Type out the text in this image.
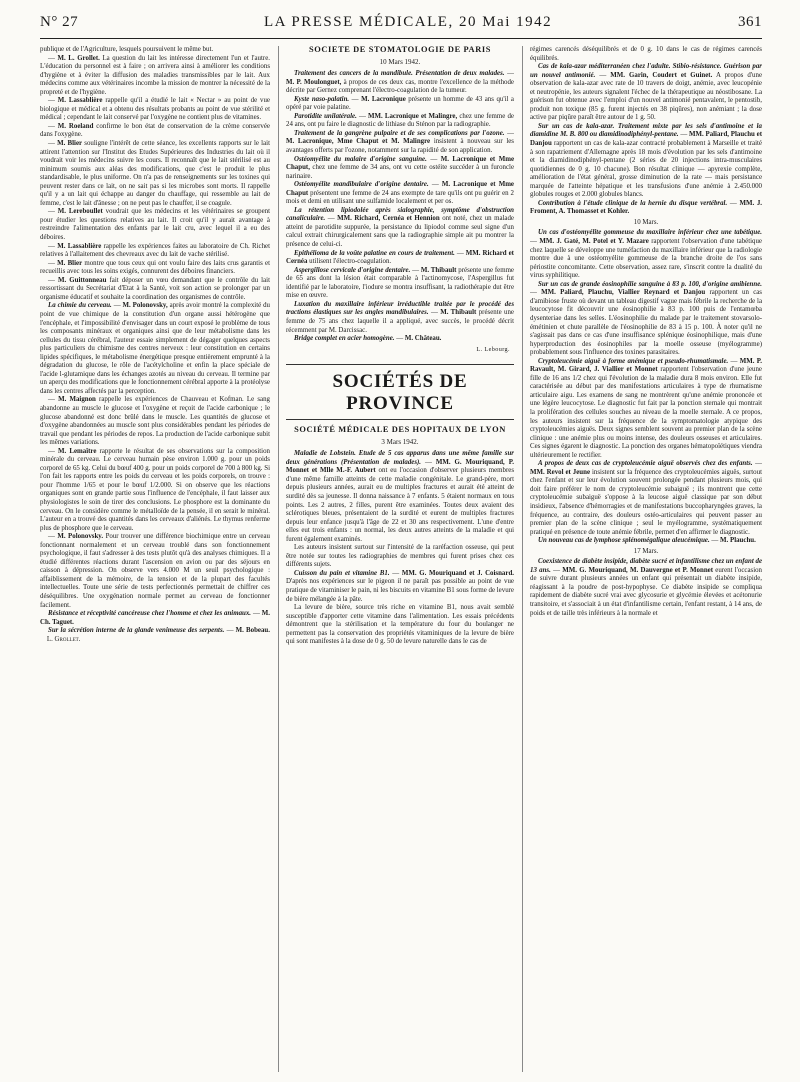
N° 27	LA PRESSE MÉDICALE, 20 Mai 1942	361

publique et de l'Agriculture, lesquels poursuivent le même but.

— M. L. Grollet. La question du lait les intéresse directement l'un et l'autre. L'éducation du personnel est à faire ; on arrivera ainsi à améliorer les conditions d'hygiène et à éviter la diffusion des maladies transmissibles par le lait. Aux médecins comme aux vétérinaires incombe la mission de montrer la nécessité de la propreté et de l'hygiène.

— M. Lassablière rappelle qu'il a étudié le lait « Nectar » au point de vue biologique et médical et a obtenu des résultats probants au point de vue stérilité et médical ; cependant le lait conservé par l'oxygène ne contient plus de vitamines.

— M. Roeland confirme le bon état de conservation de la crème conservée dans l'oxygène.

— M. Blier souligne l'intérêt de cette séance, les excellents rapports sur le lait attirent l'attention sur l'Institut des Etudes Supérieures des Industries du lait où il voudrait voir les médecins suivre les cours. Il reconnaît que le lait stérilisé est au minimum soumis aux aléas des modifications, que c'est le produit le plus standardisable, le plus uniforme. On n'a pas de renseignements sur les toxines qui peuvent rester dans ce lait, on ne sait pas si les microbes sont morts. Il rappelle qu'il y a un lait qui échappe au danger du chauffage, qui ressemble au lait de femme, c'est le lait d'ânesse ; on ne peut pas le chauffer, il se coagule.

— M. Lereboullet voudrait que les médecins et les vétérinaires se groupent pour étudier les questions relatives au lait. Il croit qu'il y aurait avantage à restreindre l'alimentation des enfants par le lait cru, avec lequel il a eu des déboires.

— M. Lassablière rappelle les expériences faites au laboratoire de Ch. Richet relatives à l'allaitement des chevreaux avec du lait de vache stérilisé.

— M. Blier montre que tous ceux qui ont voulu faire des laits crus garantis et recueillis avec tous les soins exigés, connurent des déboires financiers.

— M. Guittonneau fait déposer un vœu demandant que le contrôle du lait ressortissant du Secrétariat d'Etat à la Santé, voit son action se prolonger par un organisme éducatif et souhaite la coordination des organismes de contrôle.

La chimie du cerveau. — M. Polonovsky, après avoir montré la complexité du point de vue chimique de la constitution d'un organe aussi hétérogène que l'encéphale, et l'impossibilité d'envisager dans un court exposé le problème de tous les composants minéraux et organiques ainsi que de leur métabolisme dans les cellules du tissu cérébral, l'auteur essaie simplement de dégager quelques aspects plus particuliers du chimisme des centres nerveux : leur constitution en certains lipides spécifiques, le métabolisme énergétique presque entièrement emprunté à la dégradation du glucose, le rôle de l'acétylcholine et enfin la place spéciale de l'acide l-glutamique dans les échanges azotés au niveau du cerveau. Il termine par un aperçu des modifications que le fonctionnement cérébral apporte à la protéolyse dans les centres affectés par la perception.

— M. Maignon rappelle les expériences de Chauveau et Kofman. Le sang abandonne au muscle le glucose et l'oxygène et reçoit de l'acide carbonique ; le glucose abandonné est donc brûlé dans le muscle. Les quantités de glucose et d'oxygène abandonnées au muscle sont plus considérables pendant les périodes de travail que pendant les périodes de repos. La production de l'acide carbonique subit les mêmes variations.

— M. Lemaître rapporte le résultat de ses observations sur la composition minérale du cerveau. Le cerveau humain pèse environ 1.000 g. pour un poids corporel de 65 kg. Celui du bœuf 400 g. pour un poids corporel de 700 à 800 kg. Si l'on fait les rapports entre les poids du cerveau et les poids corporels, on trouve : pour l'homme 1/65 et pour le bœuf 1/2.000. Si on observe que les réactions organiques sont en grande partie sous l'influence de l'encéphale, il faut laisser aux physiologistes le soin de tirer des conclusions. Le phosphore est la dominante du cerveau. On le considère comme le métalloïde de la pensée, il en serait le minéral. L'auteur en a trouvé des quantités dans les cerveaux d'aliénés. Le thymus renferme plus de phosphore que le cerveau.

— M. Polonovsky. Pour trouver une différence biochimique entre un cerveau fonctionnant normalement et un cerveau troublé dans son fonctionnement psychologique, il faut s'adresser à des tests plutôt qu'à des analyses chimiques. Il a étudié différentes réactions durant l'ascension en avion ou par des séjours en caisson à dépression. On observe vers 4.000 M un seuil psychologique : affaiblissement de la mémoire, de la tension et de la plupart des facultés intellectuelles. Toute une série de tests perfectionnés permettait de chiffrer ces déséquilibres. Une oxygénation normale permet au cerveau de fonctionner facilement.

Résistance et réceptivité cancéreuse chez l'homme et chez les animaux. — M. Ch. Taguet.

Sur la sécrétion interne de la glande venimeuse des serpents. — M. Bobeau.     L. Grollet.

SOCIÉTÉ DE STOMATOLOGIE DE PARIS
10 Mars 1942.

Traitement des cancers de la mandibule. Présentation de deux malades. — M. P. Moulonguet, à propos de ces deux cas, montre l'excellence de la méthode décrite par Gernez comprenant l'électro-coagulation de la tumeur.

Kyste naso-palatin. — M. Lacronique présente un homme de 43 ans qu'il a opéré par voie palatine.

Parotidite unilatérale. — MM. Lacronique et Malingre, chez une femme de 24 ans, ont pu faire le diagnostic de lithiase du Sténon par la radiographie.

Traitement de la gangrène pulpaire et de ses complications par l'ozone. — M. Lacronique, Mme Chaput et M. Malingre insistent à nouveau sur les avantages offerts par l'ozone, notamment sur la rapidité de son application.

Ostéomyélite du malaire d'origine sanguine. — M. Lacronique et Mme Chaput, chez une femme de 34 ans, ont vu cette ostéite succéder à un furoncle narinaire.

Ostéomyélite mandibulaire d'origine dentaire. — M. Lacronique et Mme Chaput présentent une femme de 24 ans exempte de tare qu'ils ont pu guérir en 2 mois et demi en utilisant une sulfamide localement et per os.

La rétention lipiodolée après sialographie, symptôme d'obstruction canaliculaire. — MM. Richard, Cernéa et Hennion ont noté, chez un malade atteint de parotidite suppurée, la persistance du lipiodol comme seul signe d'un calcul extrait chirurgicalement sans que la radiographie simple ait pu montrer la présence de celui-ci.

Epithélioma de la voûte palatine en cours de traitement. — MM. Richard et Cernéa utilisent l'électro-coagulation.

Aspergillose cervicale d'origine dentaire. — M. Thibault présente une femme de 65 ans dont la lésion était comparable à l'actinomycose, l'Aspergillus fut identifié par le laboratoire, l'iodure se montra insuffisant, la radiothérapie dut être mise en œuvre.

Luxation du maxillaire inférieur irréductible traitée par le procédé des tractions élastiques sur les angles mandibulaires. — M. Thibault présente une femme de 75 ans chez laquelle il a appliqué, avec succès, le procédé décrit récemment par M. Darcissac.

Bridge complet en acier homogène. — M. Château.

L. Lebourg.
SOCIÉTÉS DE PROVINCE
SOCIÉTÉ MÉDICALE DES HOPITAUX DE LYON
3 Mars 1942.

Maladie de Lobstein. Etude de 5 cas apparus dans une même famille sur deux générations (Présentation de malades). — MM. G. Mouriquand, P. Monnet et Mlle M.-F. Aubert ont eu l'occasion d'observer plusieurs membres d'une même famille atteints de cette maladie congénitale. Le grand-père, mort depuis plusieurs années, aurait eu de multiples fractures et aurait été atteint de surdité dès sa jeunesse. Il donna naissance à 7 enfants. 5 étaient normaux en tous points. Les 2 autres, 2 filles, purent être examinées. Toutes deux avaient des sclérotiques bleues, présentaient de la surdité et eurent de multiples fractures depuis leur enfance jusqu'à l'âge de 22 et 30 ans respectivement. L'une d'entre elles eut trois enfants : un normal, les deux autres atteints de la maladie et qui furent également examinés.

Les auteurs insistent surtout sur l'intensité de la raréfaction osseuse, qui peut être notée sur toutes les radiographies de membres qui furent prises chez ces différents sujets.

Cuisson du pain et vitamine B1. — MM. G. Mouriquand et J. Coisnard. D'après nos expériences sur le pigeon il ne paraît pas possible au point de vue pratique de vitaminiser le pain, ni les biscuits en vitamine B1 sous forme de levure de bière mélangée à la pâte.

La levure de bière, source très riche en vitamine B1, nous avait semblé susceptible d'apporter cette vitamine dans l'alimentation. Les essais précédents démontrent que la stérilisation et la température du four du boulanger ne permettent pas la conservation des propriétés vitaminiques de la levure de bière qui sont manifestes à la dose de 0 g. 50 de levure naturelle dans le cas de

régimes carencés déséquilibrés et de 0 g. 10 dans le cas de régimes carencés équilibrés.

Cas de kala-azar méditerranéen chez l'adulte. Stibio-résistance. Guérison par un nouvel antimonié. — MM. Garin, Coudert et Guinet. A propos d'une observation de kala-azar avec rate de 10 travers de doigt, anémie, avec leucopénie et neutropénie, les auteurs signalent l'échec de la thérapeutique au néostibosane. La guérison fut obtenue avec l'emploi d'un nouvel antimonié pentavalent, le pentostib, produit non toxique (85 g. furent injectés en 38 piqûres), non anémiant ; la dose active par piqûre paraît être autour de 1 g. 50.

Sur un cas de kala-azar. Traitement mixte par les sels d'antimoine et la diamidine M. B. 800 ou diamidinodiphényl-pentane. — MM. Paliard, Plauchu et Danjou rapportent un cas de kala-azar contracté probablement à Marseille et traité à son rapatriement d'Allemagne après 18 mois d'évolution par les sels d'antimoine et la diamidinodiphényl-pentane (2 séries de 20 injections intra-musculaires quotidiennes de 0 g. 10 chacune). Bon résultat clinique — apyrexie complète, amélioration de l'état général, grosse diminution de la rate — mais persistance marquée de l'atteinte hépatique et les transfusions d'une anémie à 2.450.000 globules rouges et 2.000 globules blancs.

Contribution à l'étude clinique de la hernie du disque vertébral. — MM. J. Froment, A. Thomasset et Kohler.

10 Mars.

Un cas d'ostéomyélite gommeuse du maxillaire inférieur chez une tabétique. — MM. J. Gaté, M. Potel et Y. Mazare rapportent l'observation d'une tabétique chez laquelle se développe une tuméfaction du maxillaire inférieur que la radiologie montre due à une ostéomyélite gommeuse de la branche droite de l'os sans périostite concomitante. Cette observation, assez rare, s'inscrit contre la dualité du virus syphilitique.

Sur un cas de grande éosinophilie sanguine à 83 p. 100, d'origine amibienne. — MM. Paliard, Plauchu, Viallier Reynard et Danjou rapportent un cas d'amibiose fruste où devant un tableau digestif vague mais fébrile la recherche de la leucocytose fit découvrir une éosinophilie à 83 p. 100 puis de l'entamœba dysenteriae dans les selles. L'éosinophilie du malade par le traitement stovarsolo-émétinien et chute parallèle de l'éosinophilie de 83 à 15 p. 100. À noter qu'il ne s'agissait pas dans ce cas d'une insuffisance splénique éosinophilique, mais d'une hyperproduction des éosinophiles par la moelle osseuse (myélogramme) probablement sous l'influence des toxines parasitaires.

Cryptoleucémie aiguë à forme anémique et pseudo-rhumatismale. — MM. P. Ravault, M. Girard, J. Viallier et Monnet rapportent l'observation d'une jeune fille de 16 ans 1/2 chez qui l'évolution de la maladie dura 8 mois environ. Elle fut caractérisée au début par des manifestations articulaires à type de rhumatisme articulaire aigu. Les examens de sang ne montrèrent qu'une anémie prononcée et une légère leucocytose. Le diagnostic fut fait par la ponction sternale qui montrait la prolifération des cellules souches au niveau de la moelle sternale. A ce propos, les auteurs insistent sur la fréquence de la symptomatologie atypique des cryptoleucémies aiguës. Deux signes semblent souvent au premier plan de la scène clinique : une anémie plus ou moins intense, des douleurs osseuses et articulaires. Ces signes égarent le diagnostic. La ponction des organes hématopoïétiques viendra ultérieurement le rectifier.

A propos de deux cas de cryptoleucémie aiguë observés chez des enfants. — MM. Revol et Jeune insistent sur la fréquence des cryptoleucémies aiguës, surtout chez l'enfant et sur leur évolution souvent prolongée pendant plusieurs mois, qui doit faire préférer le nom de cryptoleucémie subaiguë ; ils montrent que cette cryptoleucémie subaiguë s'oppose à la leucose aiguë classique par son début insidieux, l'absence d'hémorragies et de manifestations buccopharyngées graves, la fréquence, au contraire, des douleurs ostéo-articulaires qui peuvent passer au premier plan de la scène clinique ; seul le myélogramme, systématiquement pratiqué en présence de toute anémie fébrile, permet d'en affirmer le diagnostic.

Un nouveau cas de lymphose splénomégalique aleucémique. — M. Plauchu.

17 Mars.

Coexistence de diabète insipide, diabète sucré et infantilisme chez un enfant de 13 ans. — MM. G. Mouriquand, M. Dauvergne et P. Monnet eurent l'occasion de suivre durant plusieurs années un enfant qui présentait un diabète insipide, réagissant à la poudre de post-hypophyse. Ce diabète insipide se compliqua rapidement de diabète sucré vrai avec glycosurie et glycémie élevées et acétonurie transitoire, et s'associait à un état d'infantilisme certain, l'enfant restant, à 14 ans, de poids et de taille très inférieurs à la normale et
